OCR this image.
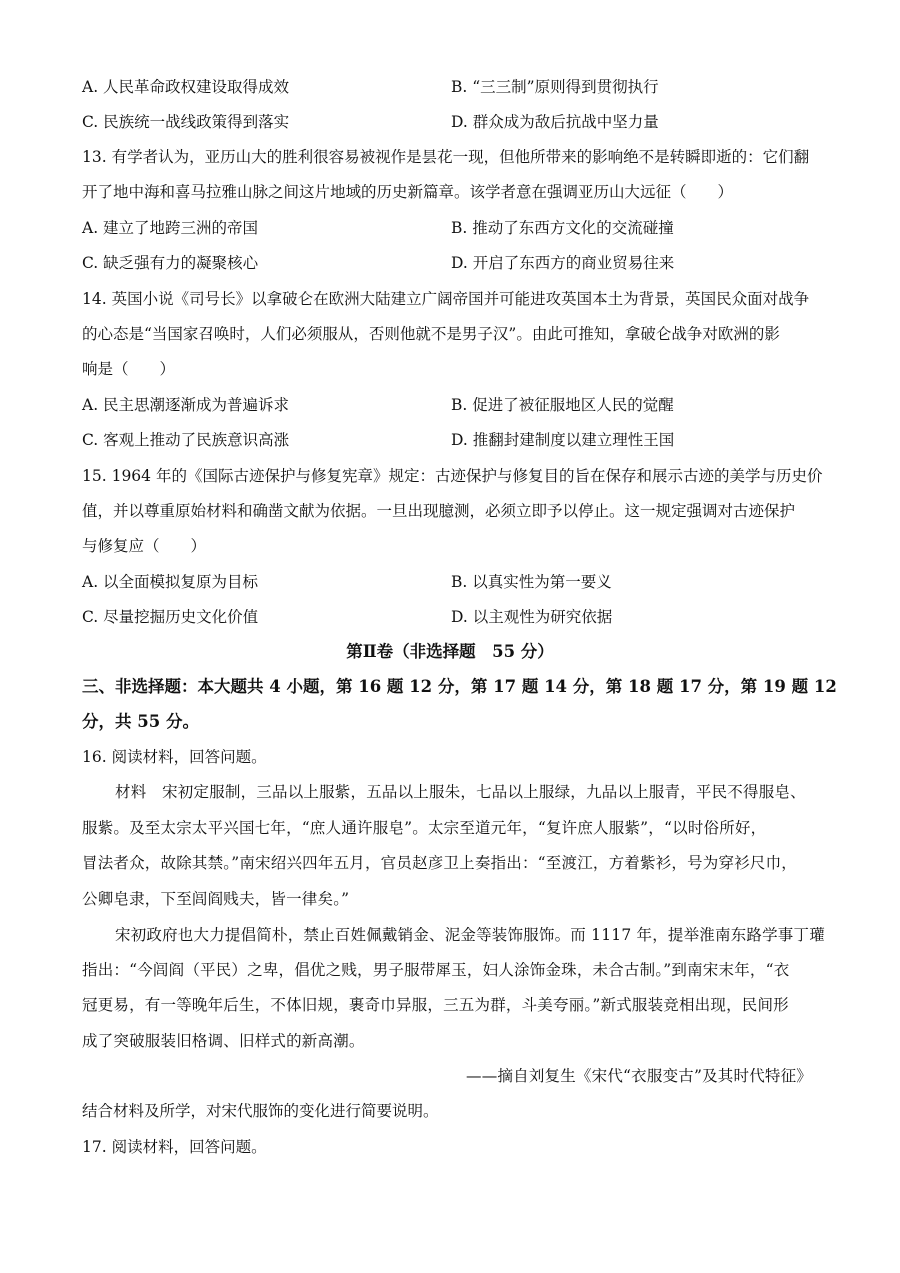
A. 人民革命政权建设取得成效	B. “三三制”原则得到贯彻执行
C. 民族统一战线政策得到落实	D. 群众成为敌后抗战中坚力量
13. 有学者认为，亚历山大的胜利很容易被视作是昙花一现，但他所带来的影响绝不是转瞬即逝的：它们翻
开了地中海和喜马拉雅山脉之间这片地域的历史新篇章。该学者意在强调亚历山大远征（　　）
A. 建立了地跨三洲的帝国	B. 推动了东西方文化的交流碰撞
C. 缺乏强有力的凝聚核心	D. 开启了东西方的商业贸易往来
14. 英国小说《司号长》以拿破仑在欧洲大陆建立广阔帝国并可能进攻英国本土为背景，英国民众面对战争
的心态是“当国家召唤时，人们必须服从，否则他就不是男子汉”。由此可推知，拿破仑战争对欧洲的影
响是（　　）
A. 民主思潮逐渐成为普遍诉求	B. 促进了被征服地区人民的觉醒
C. 客观上推动了民族意识高涨	D. 推翻封建制度以建立理性王国
15. 1964 年的《国际古迹保护与修复宪章》规定：古迹保护与修复目的旨在保存和展示古迹的美学与历史价
值，并以尊重原始材料和确凿文献为依据。一旦出现臆测，必须立即予以停止。这一规定强调对古迹保护
与修复应（　　）
A. 以全面模拟复原为目标	B. 以真实性为第一要义
C. 尽量挖掘历史文化价值	D. 以主观性为研究依据
第Ⅱ卷（非选择题　55 分）
三、非选择题：本大题共 4 小题，第 16 题 12 分，第 17 题 14 分，第 18 题 17 分，第 19 题 12
分，共 55 分。
16. 阅读材料，回答问题。
材料　宋初定服制，三品以上服紫，五品以上服朱，七品以上服绿，九品以上服青，平民不得服皂、
服紫。及至太宗太平兴国七年，“庶人通许服皂”。太宗至道元年，“复许庶人服紫”，“以时俗所好，
冒法者众，故除其禁。”南宋绍兴四年五月，官员赵彦卫上奏指出：“至渡江，方着紫衫，号为穿衫尺巾，
公卿皂隶，下至闾阎贱夫，皆一律矣。”
宋初政府也大力提倡简朴，禁止百姓佩戴销金、泥金等装饰服饰。而 1117 年，提举淮南东路学事丁瓘
指出：“今闾阎（平民）之卑，倡优之贱，男子服带犀玉，妇人涂饰金珠，未合古制。”到南宋末年，“衣
冠更易，有一等晚年后生，不体旧规，裹奇巾异服，三五为群，斗美夸丽。”新式服装竞相出现，民间形
成了突破服装旧格调、旧样式的新高潮。
——摘自刘复生《宋代“衣服变古”及其时代特征》
结合材料及所学，对宋代服饰的变化进行简要说明。
17. 阅读材料，回答问题。
